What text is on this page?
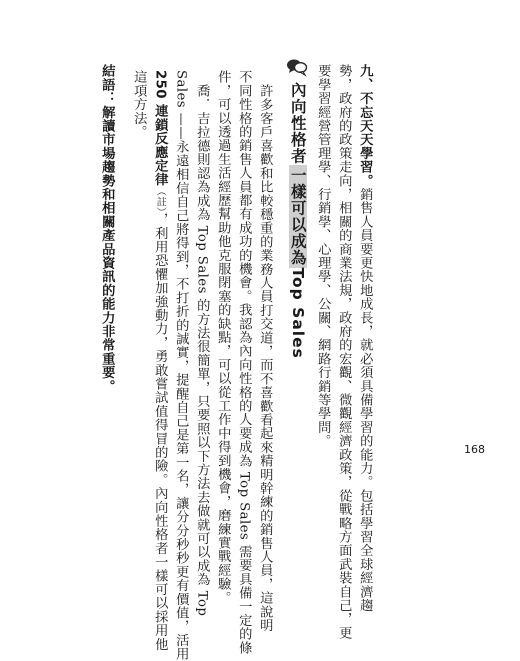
九、不忘天天學習。銷售人員要更快地成長，就必須具備學習的能力。包括學習全球經濟趨
勢，政府的政策走向，相關的商業法規，政府的宏觀、微觀經濟政策，從戰略方面武裝自己，更
要學習經營管理學、行銷學、心理學、公關、網路行銷等學問。
內向性格者一樣可以成為Top Sales
許多客戶喜歡和比較穩重的業務人員打交道，而不喜歡看起來精明幹練的銷售人員，這說明
不同性格的銷售人員都有成功的機會。我認為內向性格的人要成為 Top Sales 需要具備一定的條
件，可以透過生活經歷幫助他克服閉塞的缺點，可以從工作中得到機會，磨練實戰經驗。
喬．吉拉德則認為成為 Top Sales 的方法很簡單，只要照以下方法去做就可以成為 Top
Sales ——永遠相信自己將得到，不打折的誠實，提醒自己是第一名，讓分分秒秒更有價值，活用
250 連鎖反應定律（註），利用恐懼加強動力，勇敢嘗試值得冒的險。內向性格者一樣可以採用他
這項方法。
結語：解讀市場趨勢和相關產品資訊的能力非常重要。
168
